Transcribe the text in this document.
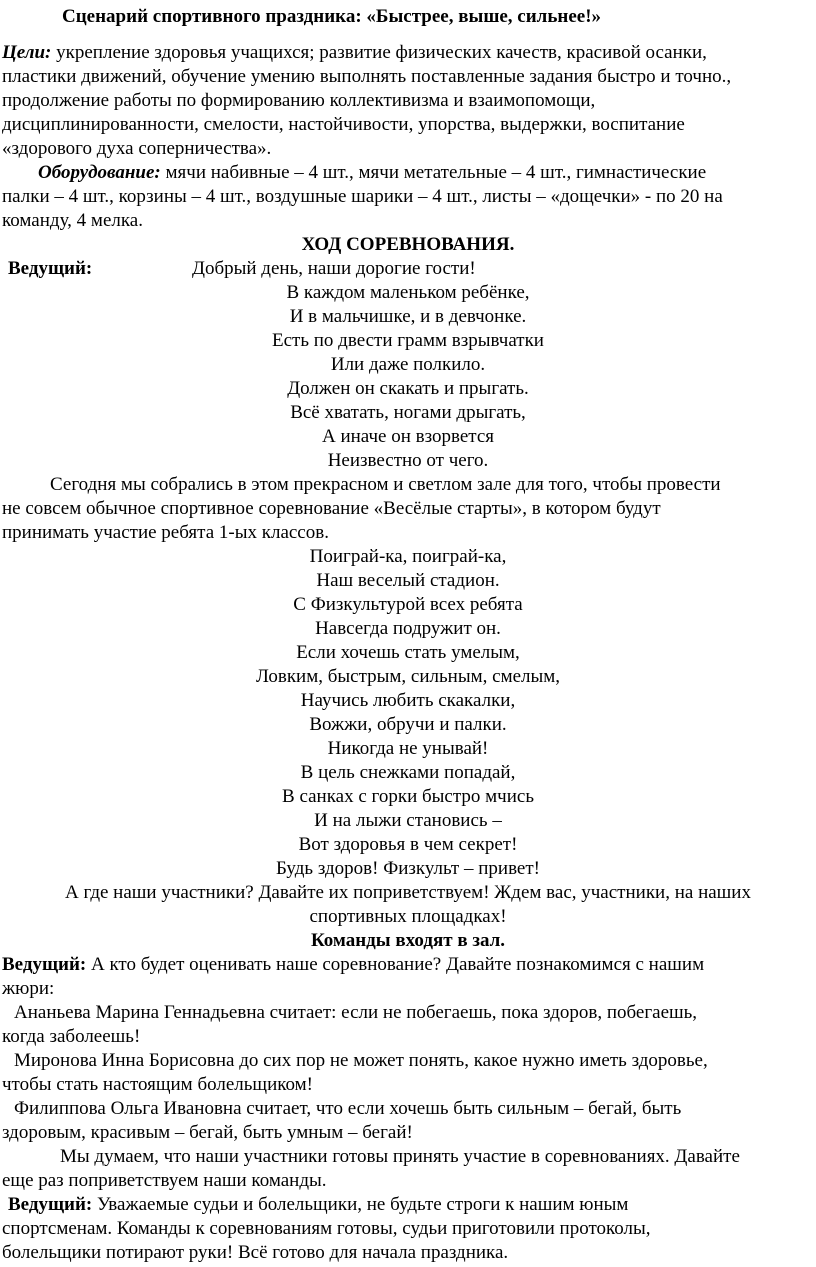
Сценарий спортивного праздника: «Быстрее, выше, сильнее!»
Цели: укрепление здоровья учащихся; развитие физических качеств, красивой осанки,
пластики движений, обучение умению выполнять поставленные задания быстро и точно.,
продолжение работы по формированию коллективизма и взаимопомощи,
дисциплинированности, смелости, настойчивости, упорства, выдержки, воспитание
«здорового духа соперничества».
Оборудование: мячи набивные – 4 шт., мячи метательные – 4 шт., гимнастические
палки – 4 шт., корзины – 4 шт., воздушные шарики – 4 шт., листы – «дощечки» - по 20 на
команду, 4 мелка.
ХОД СОРЕВНОВАНИЯ.
Ведущий:	Добрый день, наши дорогие гости!
В каждом маленьком ребёнке,
И в мальчишке, и в девчонке.
Есть по двести грамм взрывчатки
Или даже полкило.
Должен он скакать и прыгать.
Всё хватать, ногами дрыгать,
А иначе он взорвется
Неизвестно от чего.
Сегодня мы собрались в этом прекрасном и светлом зале для того, чтобы провести
не совсем обычное спортивное соревнование «Весёлые старты», в котором будут
принимать участие ребята 1-ых классов.
Поиграй-ка, поиграй-ка,
Наш веселый стадион.
С Физкультурой всех ребята
Навсегда подружит он.
Если хочешь стать умелым,
Ловким, быстрым, сильным, смелым,
Научись любить скакалки,
Вожжи, обручи и палки.
Никогда не унывай!
В цель снежками попадай,
В санках с горки быстро мчись
И на лыжи становись –
Вот здоровья в чем секрет!
Будь здоров! Физкульт – привет!
А где наши участники? Давайте их поприветствуем! Ждем вас, участники, на наших
спортивных площадках!
Команды входят в зал.
Ведущий: А кто будет оценивать наше соревнование? Давайте познакомимся с нашим
жюри:
Ананьева Марина Геннадьевна считает: если не побегаешь, пока здоров, побегаешь,
когда заболеешь!
Миронова Инна Борисовна до сих пор не может понять, какое нужно иметь здоровье,
чтобы стать настоящим болельщиком!
Филиппова Ольга Ивановна считает, что если хочешь быть сильным – бегай, быть
здоровым, красивым – бегай, быть умным – бегай!
Мы думаем, что наши участники готовы принять участие в соревнованиях. Давайте
еще раз поприветствуем наши команды.
Ведущий: Уважаемые судьи и болельщики, не будьте строги к нашим юным
спортсменам. Команды к соревнованиям готовы, судьи приготовили протоколы,
болельщики потирают руки! Всё готово для начала праздника.
